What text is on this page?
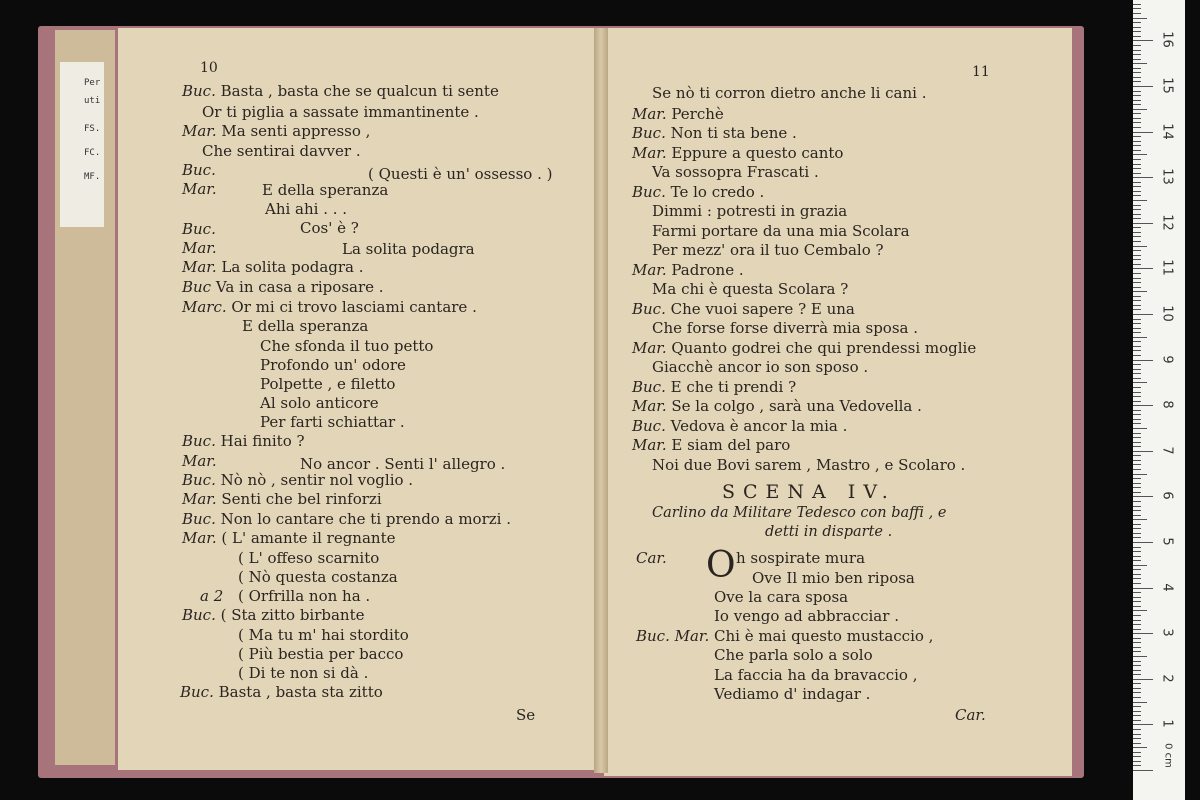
Per
uti
FS.
FC.
MF.
10	11
Buc. Basta , basta che se qualcun ti sente
Or ti piglia a sassate immantinente .
Mar. Ma senti appresso ,
Che sentirai davver .
Buc.	( Questi è un' ossesso . )
Mar.	E della speranza
Ahi ahi . . .
Buc.	Cos' è ?
Mar.	La solita podagra
Mar. La solita podagra .
Buc Va in casa a riposare .
Marc. Or mi ci trovo lasciami cantare .
E della speranza
Che sfonda il tuo petto
Profondo un' odore
Polpette , e filetto
Al solo anticore
Per farti schiattar .
Buc. Hai finito ?
Mar.	No ancor . Senti l' allegro .
Buc. Nò nò , sentir nol voglio .
Mar. Senti che bel rinforzi
Buc. Non lo cantare che ti prendo a morzi .
Mar. ( L' amante il regnante
( L' offeso scarnito
( Nò questa costanza
a 2 ( Orfrilla non ha .
Buc. ( Sta zitto birbante
( Ma tu m' hai stordito
( Più bestia per bacco
( Di te non si dà .
Buc. Basta , basta sta zitto
Se nò ti corron dietro anche li cani .
Mar. Perchè
Buc. Non ti sta bene .
Mar. Eppure a questo canto
Va sossopra Frascati .
Buc. Te lo credo .
Dimmi : potresti in grazia
Farmi portare da una mia Scolara
Per mezz' ora il tuo Cembalo ?
Mar. Padrone .
Ma chi è questa Scolara ?
Buc. Che vuoi sapere ? E una
Che forse forse diverrà mia sposa .
Mar. Quanto godrei che qui prendessi moglie
Giacchè ancor io son sposo .
Buc. E che ti prendi ?
Mar. Se la colgo , sarà una Vedovella .
Buc. Vedova è ancor la mia .
Mar. E siam del paro
Noi due Bovi sarem , Mastro , e Scolaro .
Car.	h sospirate mura
Ove Il mio ben riposa
Ove la cara sposa
Io vengo ad abbracciar .
Buc. Mar. Chi è mai questo mustaccio ,
Che parla solo a solo
La faccia ha da bravaccio ,
Vediamo d' indagar .
SCENA IV.
Carlino da Militare Tedesco con baffi , e
detti in disparte .
O
Se	Car.
0 cm
1
2
3
4
5
6
7
8
9
10
11
12
13
14
15
16
